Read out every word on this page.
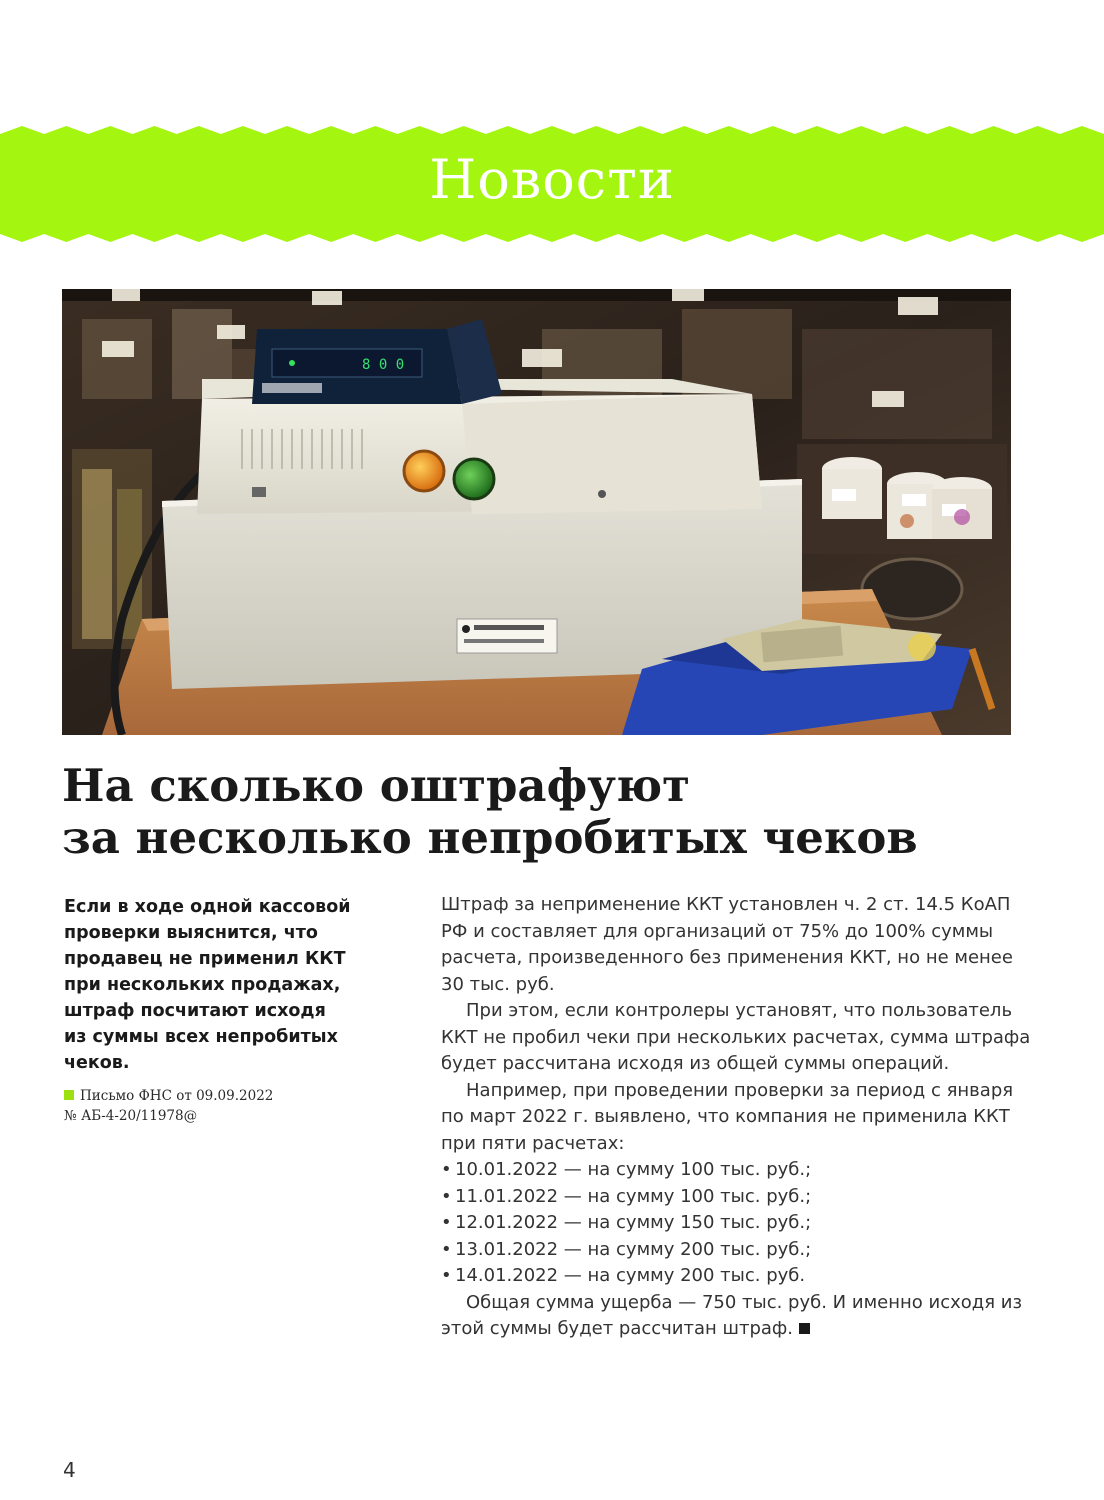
Новости
8 0 0
На сколько оштрафуют
за несколько непробитых чеков

Если в ходе одной кассовой проверки выяснится, что продавец не применил ККТ при нескольких продажах, штраф посчитают исходя из суммы всех непробитых чеков.

Письмо ФНС от 09.09.2022
№ АБ-4-20/11978@

Штраф за неприменение ККТ установлен ч. 2 ст. 14.5 КоАП РФ и составляет для организаций от 75% до 100% суммы расчета, произведенного без применения ККТ, но не менее 30 тыс. руб.

При этом, если контролеры установят, что пользователь ККТ не пробил чеки при нескольких расчетах, сумма штрафа будет рассчитана исходя из общей суммы операций.

Например, при проведении проверки за период с января по март 2022 г. выявлено, что компания не применила ККТ при пяти расчетах:

• 10.01.2022 — на сумму 100 тыс. руб.;
• 11.01.2022 — на сумму 100 тыс. руб.;
• 12.01.2022 — на сумму 150 тыс. руб.;
• 13.01.2022 — на сумму 200 тыс. руб.;
• 14.01.2022 — на сумму 200 тыс. руб.

Общая сумма ущерба — 750 тыс. руб. И именно исходя из этой суммы будет рассчитан штраф.

4
